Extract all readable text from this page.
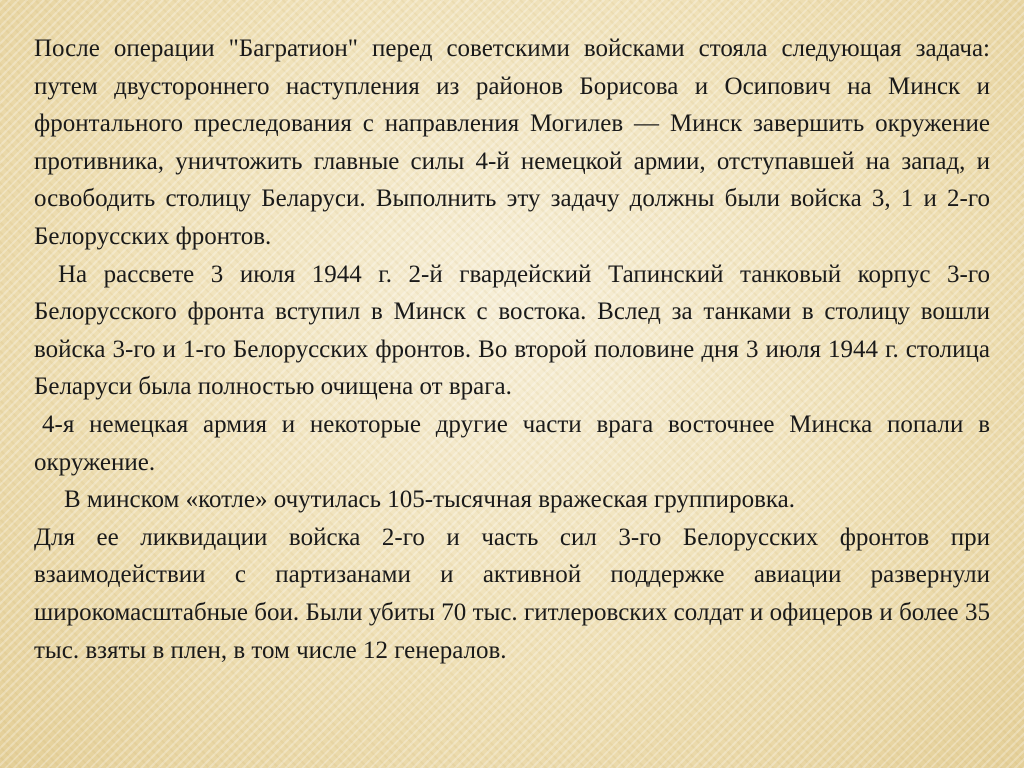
После операции "Багратион" перед советскими войсками стояла следующая задача: путем двустороннего наступления из районов Борисова и Осипович на Минск и фронтального преследования с направления Могилев — Минск завершить окружение противника, уничтожить главные силы 4-й немецкой армии, отступавшей на запад, и освободить столицу Беларуси. Выполнить эту задачу должны были войска 3, 1 и 2-го Белорусских фронтов.

На рассвете 3 июля 1944 г. 2-й гвардейский Тапинский танковый корпус 3-го Белорусского фронта вступил в Минск с востока. Вслед за танками в столицу вошли войска 3-го и 1-го Белорусских фронтов. Во второй половине дня 3 июля 1944 г. столица Беларуси была полностью очищена от врага.

4-я немецкая армия и некоторые другие части врага восточнее Минска попали в окружение.

В минском «котле» очутилась 105-тысячная вражеская группировка.

Для ее ликвидации войска 2-го и часть сил 3-го Белорусских фронтов при взаимодействии с партизанами и активной поддержке авиации развернули широкомасштабные бои. Были убиты 70 тыс. гитлеровских солдат и офицеров и более 35 тыс. взяты в плен, в том числе 12 генералов.
